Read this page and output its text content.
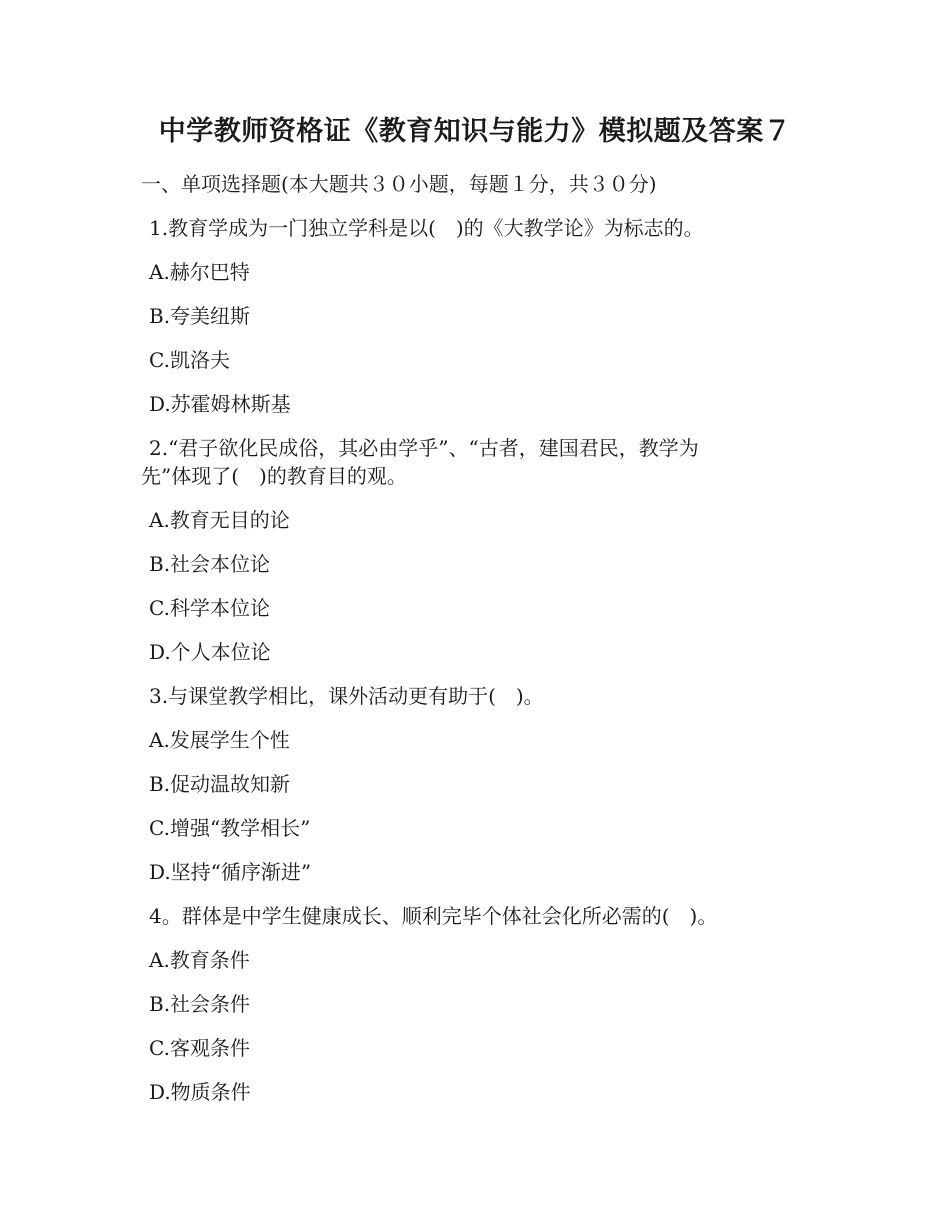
中学教师资格证《教育知识与能力》模拟题及答案７
一、单项选择题(本大题共３０小题，每题１分，共３０分)
1.教育学成为一门独立学科是以(　)的《大教学论》为标志的。
A.赫尔巴特
B.夸美纽斯
C.凯洛夫
D.苏霍姆林斯基
2.“君子欲化民成俗，其必由学乎”、“古者，建国君民，教学为
先”体现了(　)的教育目的观。
A.教育无目的论
B.社会本位论
C.科学本位论
D.个人本位论
3.与课堂教学相比，课外活动更有助于(　)。
A.发展学生个性
B.促动温故知新
C.增强“教学相长”
D.坚持“循序渐进”
4。群体是中学生健康成长、顺利完毕个体社会化所必需的(　)。
A.教育条件
B.社会条件
C.客观条件
D.物质条件
